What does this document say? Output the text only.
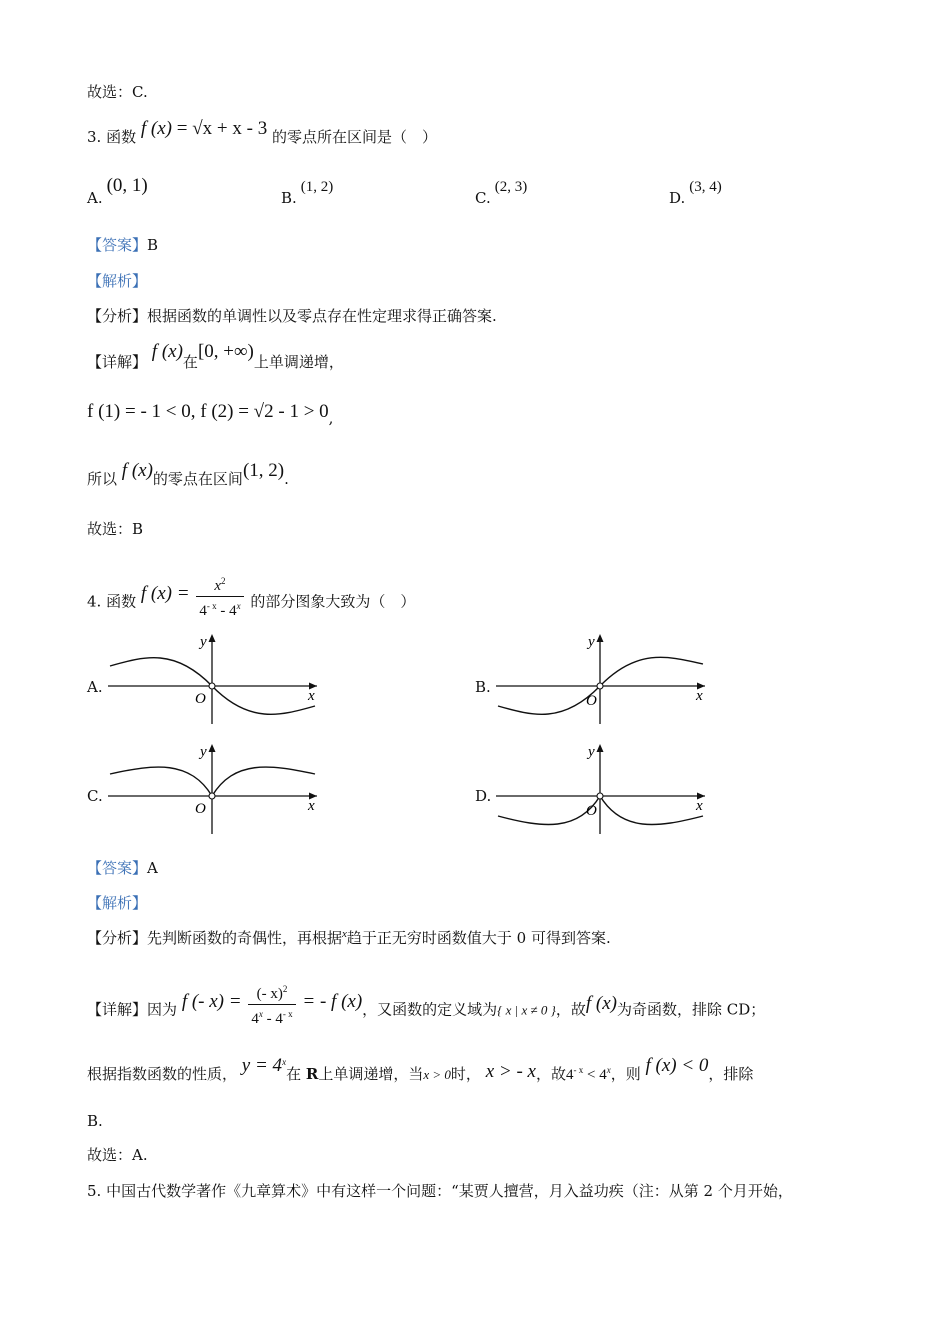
故选：C.
3. 函数 f (x) = √x + x - 3 的零点所在区间是（　）
A.(0, 1)
B.(1, 2)
C.(2, 3)
D.(3, 4)
【答案】B
【解析】
【分析】根据函数的单调性以及零点存在性定理求得正确答案.
【详解】 f (x)在[0, +∞)上单调递增，
f (1) = - 1 < 0, f (2) = √2 - 1 > 0,
所以 f (x)的零点在区间(1, 2).
故选：B
4. 函数 f $(x) = \frac{x^2}{4^{- x} - 4^x}$ 的部分图象大致为（　）
A.	B.
C.	D.
y
x
O
y
x
O
y
x
O
y
x
O
【答案】A
【解析】
【分析】先判断函数的奇偶性，再根据$^x$趋于正无穷时函数值大于 0 可得到答案.
【详解】因为 f (- $x) = \frac{(- x)^2}{4^x - 4^{- x}}$ = - f (x)，又函数的定义域为{ x | x ≠ 0 }，故f (x)为奇函数，排除 CD；
根据指数函数的性质， $y = 4^x$在 R上单调递增，当x > 0时， x > - x，故$4^{- x} < 4^x$，则 f (x) < 0，排除
B.
故选：A.
5. 中国古代数学著作《九章算术》中有这样一个问题：“某贾人擅营，月入益功疾（注：从第 2 个月开始，
